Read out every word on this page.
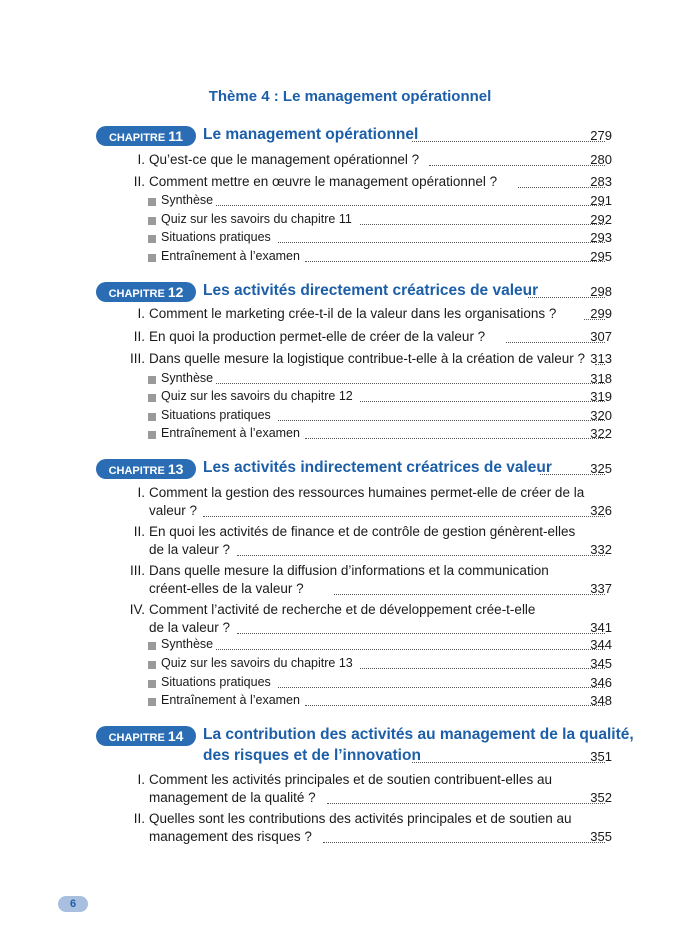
Thème 4 : Le management opérationnel
CHAPITRE 11	Le management opérationnel	279
I. Qu’est-ce que le management opérationnel ?	280
II. Comment mettre en œuvre le management opérationnel ?	283
Synthèse	291
Quiz sur les savoirs du chapitre 11	292
Situations pratiques	293
Entraînement à l’examen	295
CHAPITRE 12	Les activités directement créatrices de valeur	298
I. Comment le marketing crée-t-il de la valeur dans les organisations ?	299
II. En quoi la production permet-elle de créer de la valeur ?	307
III. Dans quelle mesure la logistique contribue-t-elle à la création de valeur ? 313
Synthèse	318
Quiz sur les savoirs du chapitre 12	319
Situations pratiques	320
Entraînement à l’examen	322
CHAPITRE 13	Les activités indirectement créatrices de valeur	325
I. Comment la gestion des ressources humaines permet-elle de créer de la
valeur ?	326
II. En quoi les activités de finance et de contrôle de gestion génèrent-elles
de la valeur ?	332
III. Dans quelle mesure la diffusion d’informations et la communication
créent-elles de la valeur ?	337
IV. Comment l’activité de recherche et de développement crée-t-elle
de la valeur ?	341
Synthèse	344
Quiz sur les savoirs du chapitre 13	345
Situations pratiques	346
Entraînement à l’examen	348
CHAPITRE 14	La contribution des activités au management de la qualité,
des risques et de l’innovation	351
I. Comment les activités principales et de soutien contribuent-elles au
management de la qualité ?	352
II. Quelles sont les contributions des activités principales et de soutien au
management des risques ?	355
6
